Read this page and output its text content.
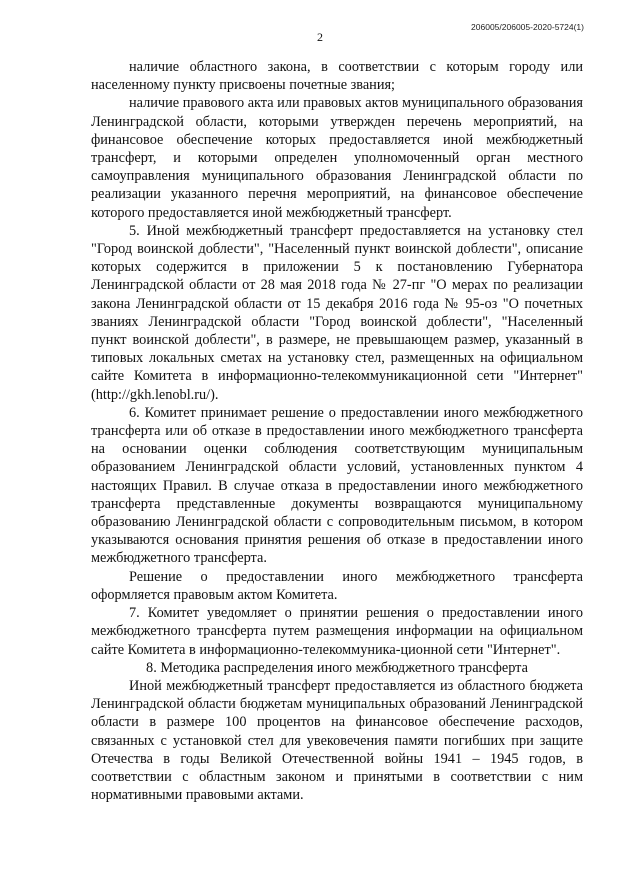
206005/206005-2020-5724(1)
2

наличие областного закона, в соответствии с которым городу или населенному пункту присвоены почетные звания;

наличие правового акта или правовых актов муниципального образования Ленинградской области, которыми утвержден перечень мероприятий, на финансовое обеспечение которых предоставляется иной межбюджетный трансферт, и которыми определен уполномоченный орган местного самоуправления муниципального образования Ленинградской области по реализации указанного перечня мероприятий, на финансовое обеспечение которого предоставляется иной межбюджетный трансферт.

5. Иной межбюджетный трансферт предоставляется на установку стел "Город воинской доблести", "Населенный пункт воинской доблести", описание которых содержится в приложении 5 к постановлению Губернатора Ленинградской области от 28 мая 2018 года № 27-пг "О мерах по реализации закона Ленинградской области от 15 декабря 2016 года № 95-оз "О почетных званиях Ленинградской области "Город воинской доблести", "Населенный пункт воинской доблести", в размере, не превышающем размер, указанный в типовых локальных сметах на установку стел, размещенных на официальном сайте Комитета в информационно-телекоммуникационной сети "Интернет" (http://gkh.lenobl.ru/).

6. Комитет принимает решение о предоставлении иного межбюджетного трансферта или об отказе в предоставлении иного межбюджетного трансферта на основании оценки соблюдения соответствующим муниципальным образованием Ленинградской области условий, установленных пунктом 4 настоящих Правил. В случае отказа в предоставлении иного межбюджетного трансферта представленные документы возвращаются муниципальному образованию Ленинградской области с сопроводительным письмом, в котором указываются основания принятия решения об отказе в предоставлении иного межбюджетного трансферта.

Решение о предоставлении иного межбюджетного трансферта оформляется правовым актом Комитета.

7. Комитет уведомляет о принятии решения о предоставлении иного межбюджетного трансферта путем размещения информации на официальном сайте Комитета в информационно-телекоммуника-ционной сети "Интернет".

8. Методика распределения иного межбюджетного трансферта

Иной межбюджетный трансферт предоставляется из областного бюджета Ленинградской области бюджетам муниципальных образований Ленинградской области в размере 100 процентов на финансовое обеспечение расходов, связанных с установкой стел для увековечения памяти погибших при защите Отечества в годы Великой Отечественной войны 1941 – 1945 годов, в соответствии с областным законом и принятыми в соответствии с ним нормативными правовыми актами.
